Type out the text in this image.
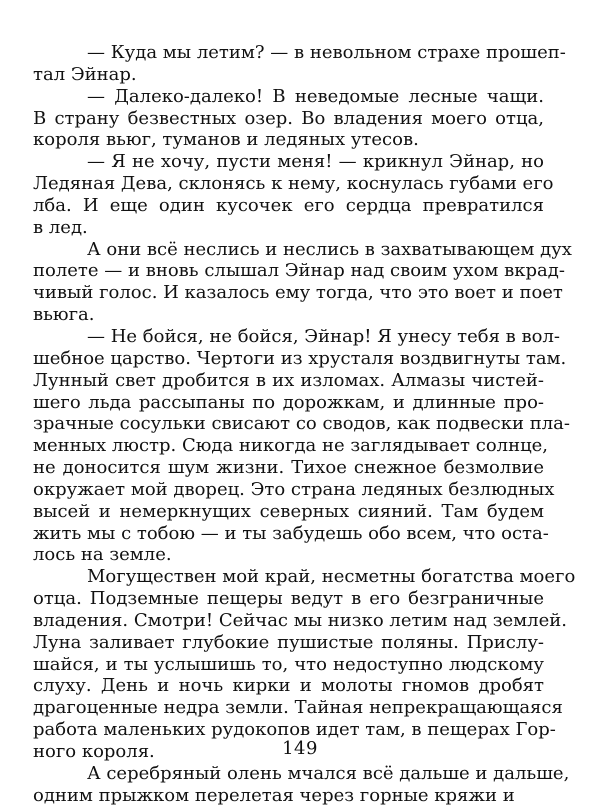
— Куда мы летим? — в невольном страхе прошеп-
тал Эйнар.
— Далеко-далеко! В неведомые лесные чащи.
В страну безвестных озер. Во владения моего отца,
короля вьюг, туманов и ледяных утесов.
— Я не хочу, пусти меня! — крикнул Эйнар, но
Ледяная Дева, склонясь к нему, коснулась губами его
лба. И еще один кусочек его сердца превратился
в лед.
А они всё неслись и неслись в захватывающем дух
полете — и вновь слышал Эйнар над своим ухом вкрад-
чивый голос. И казалось ему тогда, что это воет и поет
вьюга.
— Не бойся, не бойся, Эйнар! Я унесу тебя в вол-
шебное царство. Чертоги из хрусталя воздвигнуты там.
Лунный свет дробится в их изломах. Алмазы чистей-
шего льда рассыпаны по дорожкам, и длинные про-
зрачные сосульки свисают со сводов, как подвески пла-
менных люстр. Сюда никогда не заглядывает солнце,
не доносится шум жизни. Тихое снежное безмолвие
окружает мой дворец. Это страна ледяных безлюдных
высей и немеркнущих северных сияний. Там будем
жить мы с тобою — и ты забудешь обо всем, что оста-
лось на земле.
Могуществен мой край, несметны богатства моего
отца. Подземные пещеры ведут в его безграничные
владения. Смотри! Сейчас мы низко летим над землей.
Луна заливает глубокие пушистые поляны. Прислу-
шайся, и ты услышишь то, что недоступно людскому
слуху. День и ночь кирки и молоты гномов дробят
драгоценные недра земли. Тайная непрекращающаяся
работа маленьких рудокопов идет там, в пещерах Гор-
ного короля.
А серебряный олень мчался всё дальше и дальше,
одним прыжком перелетая через горные кряжи и
149
